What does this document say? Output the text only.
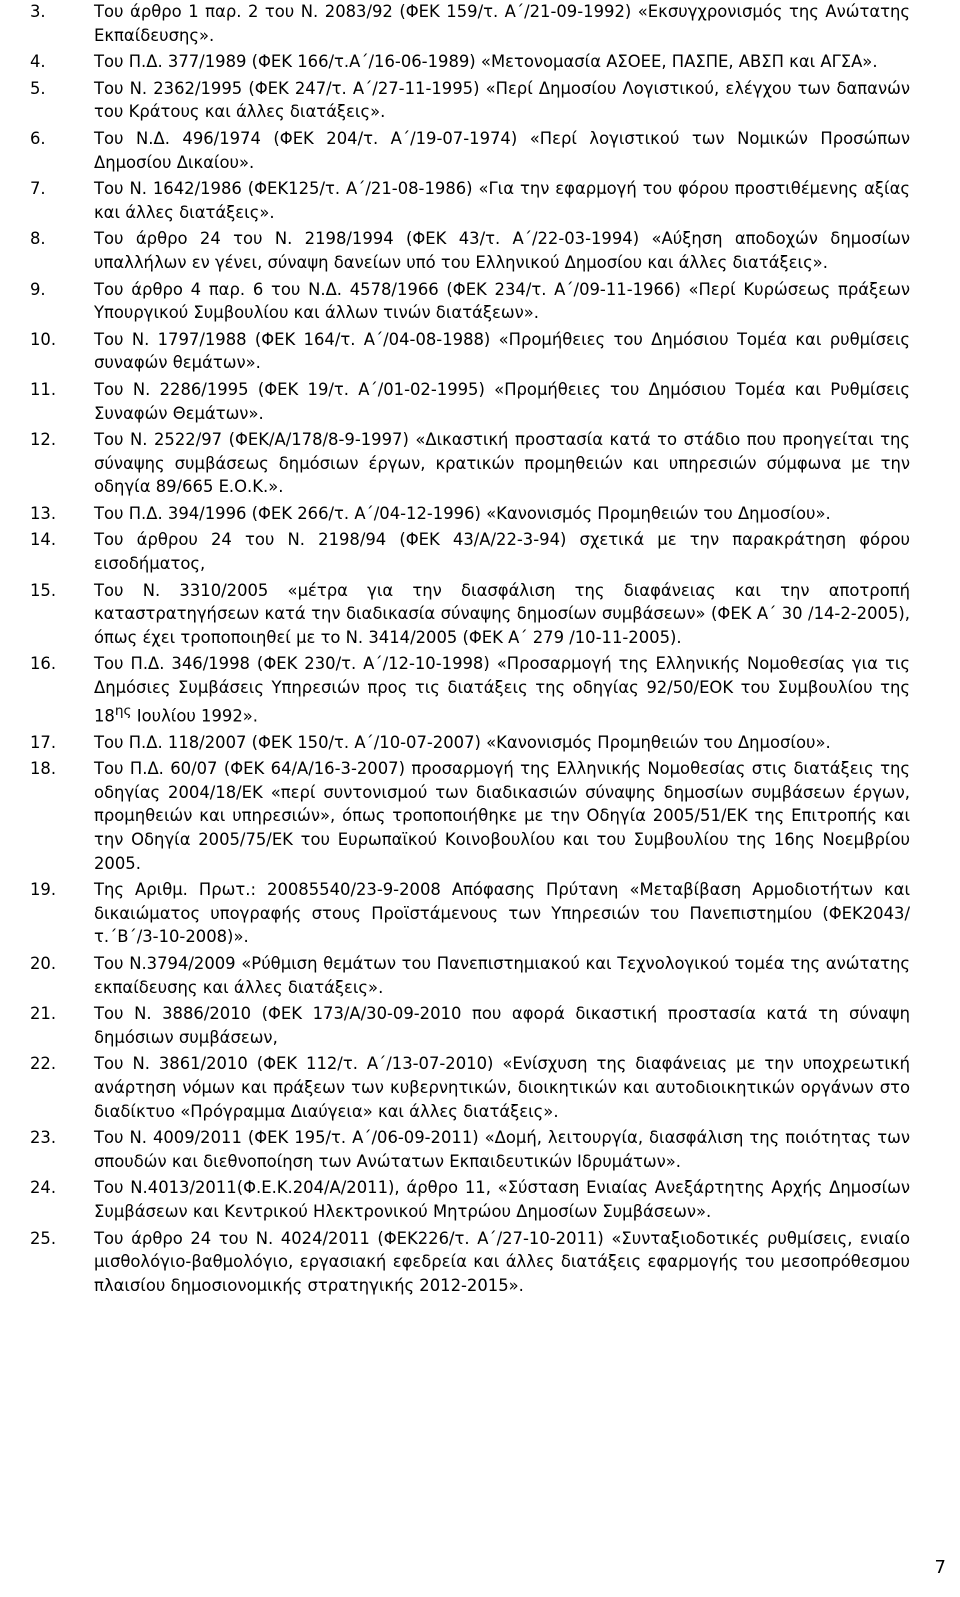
3.	Του άρθρο 1 παρ. 2 του Ν. 2083/92 (ΦΕΚ 159/τ. Α΄/21-09-1992) «Εκσυγχρονισμός της Ανώτατης Εκπαίδευσης».
4.	Του Π.Δ. 377/1989 (ΦΕΚ 166/τ.Α΄/16-06-1989) «Μετονομασία ΑΣΟΕΕ, ΠΑΣΠΕ, ΑΒΣΠ και ΑΓΣΑ».
5.	Του Ν. 2362/1995 (ΦΕΚ 247/τ. Α΄/27-11-1995) «Περί Δημοσίου Λογιστικού, ελέγχου των δαπανών του Κράτους και άλλες διατάξεις».
6.	Του Ν.Δ. 496/1974 (ΦΕΚ 204/τ. Α΄/19-07-1974) «Περί λογιστικού των Νομικών Προσώπων Δημοσίου Δικαίου».
7.	Του Ν. 1642/1986 (ΦΕΚ125/τ. Α΄/21-08-1986) «Για την εφαρμογή του φόρου προστιθέμενης αξίας και άλλες διατάξεις».
8.	Του άρθρο 24 του Ν. 2198/1994 (ΦΕΚ 43/τ. Α΄/22-03-1994) «Αύξηση αποδοχών δημοσίων υπαλλήλων εν γένει, σύναψη δανείων υπό του Ελληνικού Δημοσίου και άλλες διατάξεις».
9.	Του άρθρο 4 παρ. 6 του Ν.Δ. 4578/1966 (ΦΕΚ 234/τ. Α΄/09-11-1966) «Περί Κυρώσεως πράξεων Υπουργικού Συμβουλίου και άλλων τινών διατάξεων».
10.	Του Ν. 1797/1988 (ΦΕΚ 164/τ. Α΄/04-08-1988) «Προμήθειες του Δημόσιου Τομέα και ρυθμίσεις συναφών θεμάτων».
11.	Του Ν. 2286/1995 (ΦΕΚ 19/τ. Α΄/01-02-1995) «Προμήθειες του Δημόσιου Τομέα και Ρυθμίσεις Συναφών Θεμάτων».
12.	Του Ν. 2522/97 (ΦΕΚ/Α/178/8-9-1997) «Δικαστική προστασία κατά το στάδιο που προηγείται της σύναψης συμβάσεως δημόσιων έργων, κρατικών προμηθειών και υπηρεσιών σύμφωνα με την οδηγία 89/665 Ε.Ο.Κ.».
13.	Του Π.Δ. 394/1996 (ΦΕΚ 266/τ. Α΄/04-12-1996) «Κανονισμός Προμηθειών του Δημοσίου».
14.	Του άρθρου 24 του Ν. 2198/94 (ΦΕΚ 43/Α/22-3-94) σχετικά με την παρακράτηση φόρου εισοδήματος,
15.	Του Ν. 3310/2005 «μέτρα για την διασφάλιση της διαφάνειας και την αποτροπή καταστρατηγήσεων κατά την διαδικασία σύναψης δημοσίων συμβάσεων» (ΦΕΚ Α΄ 30 /14-2-2005), όπως έχει τροποποιηθεί με το Ν. 3414/2005 (ΦΕΚ Α΄ 279 /10-11-2005).
16.	Του Π.Δ. 346/1998 (ΦΕΚ 230/τ. Α΄/12-10-1998) «Προσαρμογή της Ελληνικής Νομοθεσίας για τις Δημόσιες Συμβάσεις Υπηρεσιών προς τις διατάξεις της οδηγίας 92/50/ΕΟΚ του Συμβουλίου της $18^{\eta\varsigma}$ Ιουλίου 1992».
17.	Του Π.Δ. 118/2007 (ΦΕΚ 150/τ. Α΄/10-07-2007) «Κανονισμός Προμηθειών του Δημοσίου».
18.	Του Π.Δ. 60/07 (ΦΕΚ 64/Α/16-3-2007) προσαρμογή της Ελληνικής Νομοθεσίας στις διατάξεις της οδηγίας 2004/18/ΕΚ «περί συντονισμού των διαδικασιών σύναψης δημοσίων συμβάσεων έργων, προμηθειών και υπηρεσιών», όπως τροποποιήθηκε με την Οδηγία 2005/51/ΕΚ της Επιτροπής και την Οδηγία 2005/75/ΕΚ του Ευρωπαϊκού Κοινοβουλίου και του Συμβουλίου της 16ης Νοεμβρίου 2005.
19.	Της Αριθμ. Πρωτ.: 20085540/23-9-2008 Απόφασης Πρύτανη «Μεταβίβαση Αρμοδιοτήτων και δικαιώματος υπογραφής στους Προϊστάμενους των Υπηρεσιών του Πανεπιστημίου (ΦΕΚ2043/τ.΄Β΄/3-10-2008)».
20.	Του Ν.3794/2009 «Ρύθμιση θεμάτων του Πανεπιστημιακού και Τεχνολογικού τομέα της ανώτατης εκπαίδευσης και άλλες διατάξεις».
21.	Του Ν. 3886/2010 (ΦΕΚ 173/Α/30-09-2010 που αφορά δικαστική προστασία κατά τη σύναψη δημόσιων συμβάσεων,
22.	Του Ν. 3861/2010 (ΦΕΚ 112/τ. Α΄/13-07-2010) «Ενίσχυση της διαφάνειας με την υποχρεωτική ανάρτηση νόμων και πράξεων των κυβερνητικών, διοικητικών και αυτοδιοικητικών οργάνων στο διαδίκτυο «Πρόγραμμα Διαύγεια» και άλλες διατάξεις».
23.	Του Ν. 4009/2011 (ΦΕΚ 195/τ. Α΄/06-09-2011) «Δομή, λειτουργία, διασφάλιση της ποιότητας των σπουδών και διεθνοποίηση των Ανώτατων Εκπαιδευτικών Ιδρυμάτων».
24.	Του Ν.4013/2011(Φ.Ε.Κ.204/Α/2011), άρθρο 11, «Σύσταση Ενιαίας Ανεξάρτητης Αρχής Δημοσίων Συμβάσεων και Κεντρικού Ηλεκτρονικού Μητρώου Δημοσίων Συμβάσεων».
25.	Του άρθρο 24 του Ν. 4024/2011 (ΦΕΚ226/τ. Α΄/27-10-2011) «Συνταξιοδοτικές ρυθμίσεις, ενιαίο μισθολόγιο-βαθμολόγιο, εργασιακή εφεδρεία και άλλες διατάξεις εφαρμογής του μεσοπρόθεσμου πλαισίου δημοσιονομικής στρατηγικής 2012-2015».
7
